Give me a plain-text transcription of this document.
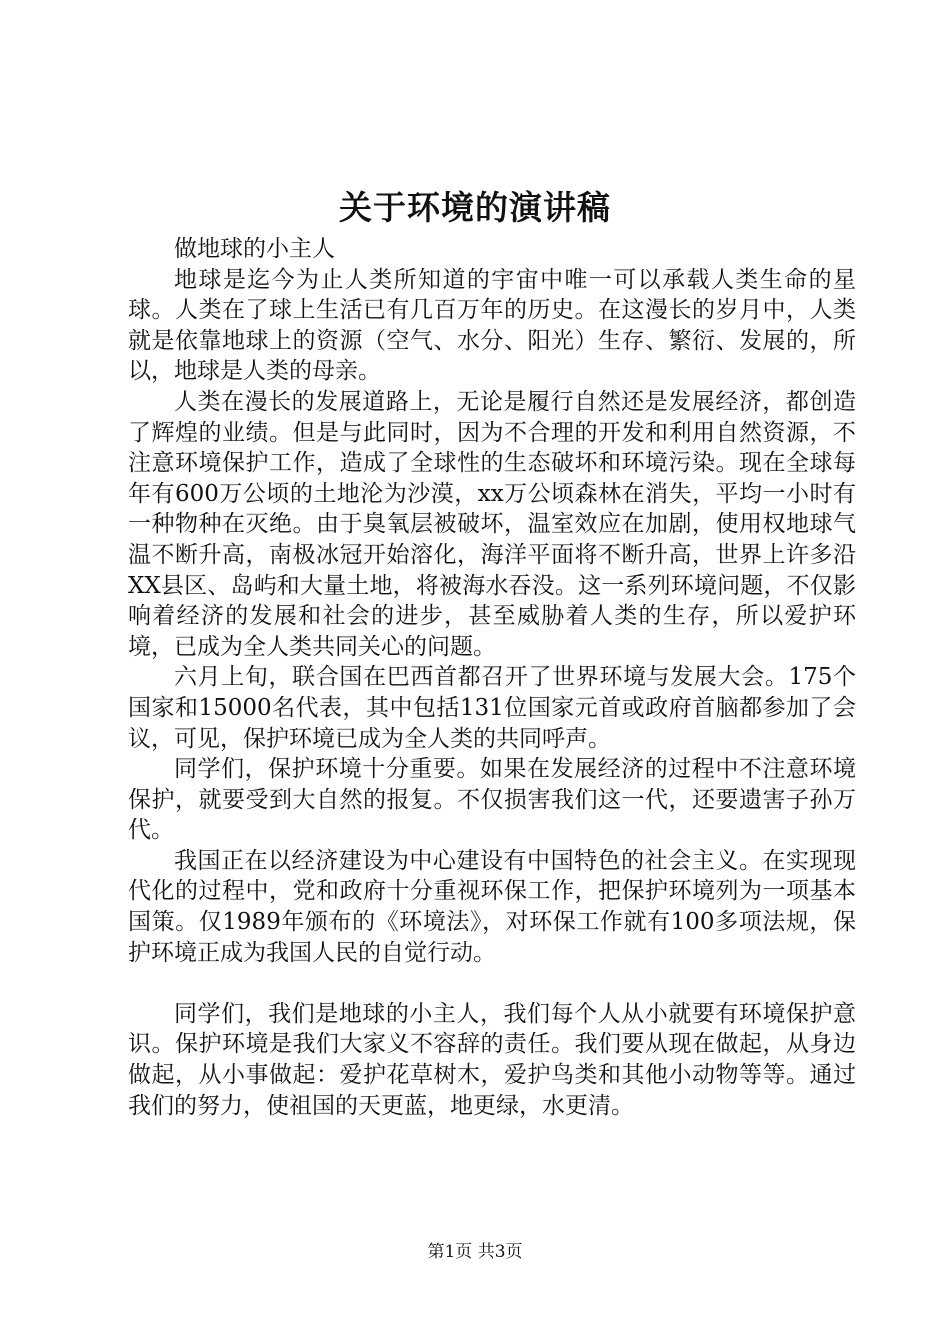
关于环境的演讲稿

做地球的小主人

地球是迄今为止人类所知道的宇宙中唯一可以承载人类生命的星球。人类在了球上生活已有几百万年的历史。在这漫长的岁月中，人类就是依靠地球上的资源（空气、水分、阳光）生存、繁衍、发展的，所以，地球是人类的母亲。

人类在漫长的发展道路上，无论是履行自然还是发展经济，都创造了辉煌的业绩。但是与此同时，因为不合理的开发和利用自然资源，不注意环境保护工作，造成了全球性的生态破坏和环境污染。现在全球每年有600万公顷的土地沦为沙漠，xx万公顷森林在消失，平均一小时有一种物种在灭绝。由于臭氧层被破坏，温室效应在加剧，使用权地球气温不断升高，南极冰冠开始溶化，海洋平面将不断升高，世界上许多沿XX县区、岛屿和大量土地，将被海水吞没。这一系列环境问题，不仅影响着经济的发展和社会的进步，甚至威胁着人类的生存，所以爱护环境，已成为全人类共同关心的问题。

六月上旬，联合国在巴西首都召开了世界环境与发展大会。175个国家和15000名代表，其中包括131位国家元首或政府首脑都参加了会议，可见，保护环境已成为全人类的共同呼声。

同学们，保护环境十分重要。如果在发展经济的过程中不注意环境保护，就要受到大自然的报复。不仅损害我们这一代，还要遗害子孙万代。

我国正在以经济建设为中心建设有中国特色的社会主义。在实现现代化的过程中，党和政府十分重视环保工作，把保护环境列为一项基本国策。仅1989年颁布的《环境法》，对环保工作就有100多项法规，保护环境正成为我国人民的自觉行动。

同学们，我们是地球的小主人，我们每个人从小就要有环境保护意识。保护环境是我们大家义不容辞的责任。我们要从现在做起，从身边做起，从小事做起：爱护花草树木，爱护鸟类和其他小动物等等。通过我们的努力，使祖国的天更蓝，地更绿，水更清。

第1页 共3页
